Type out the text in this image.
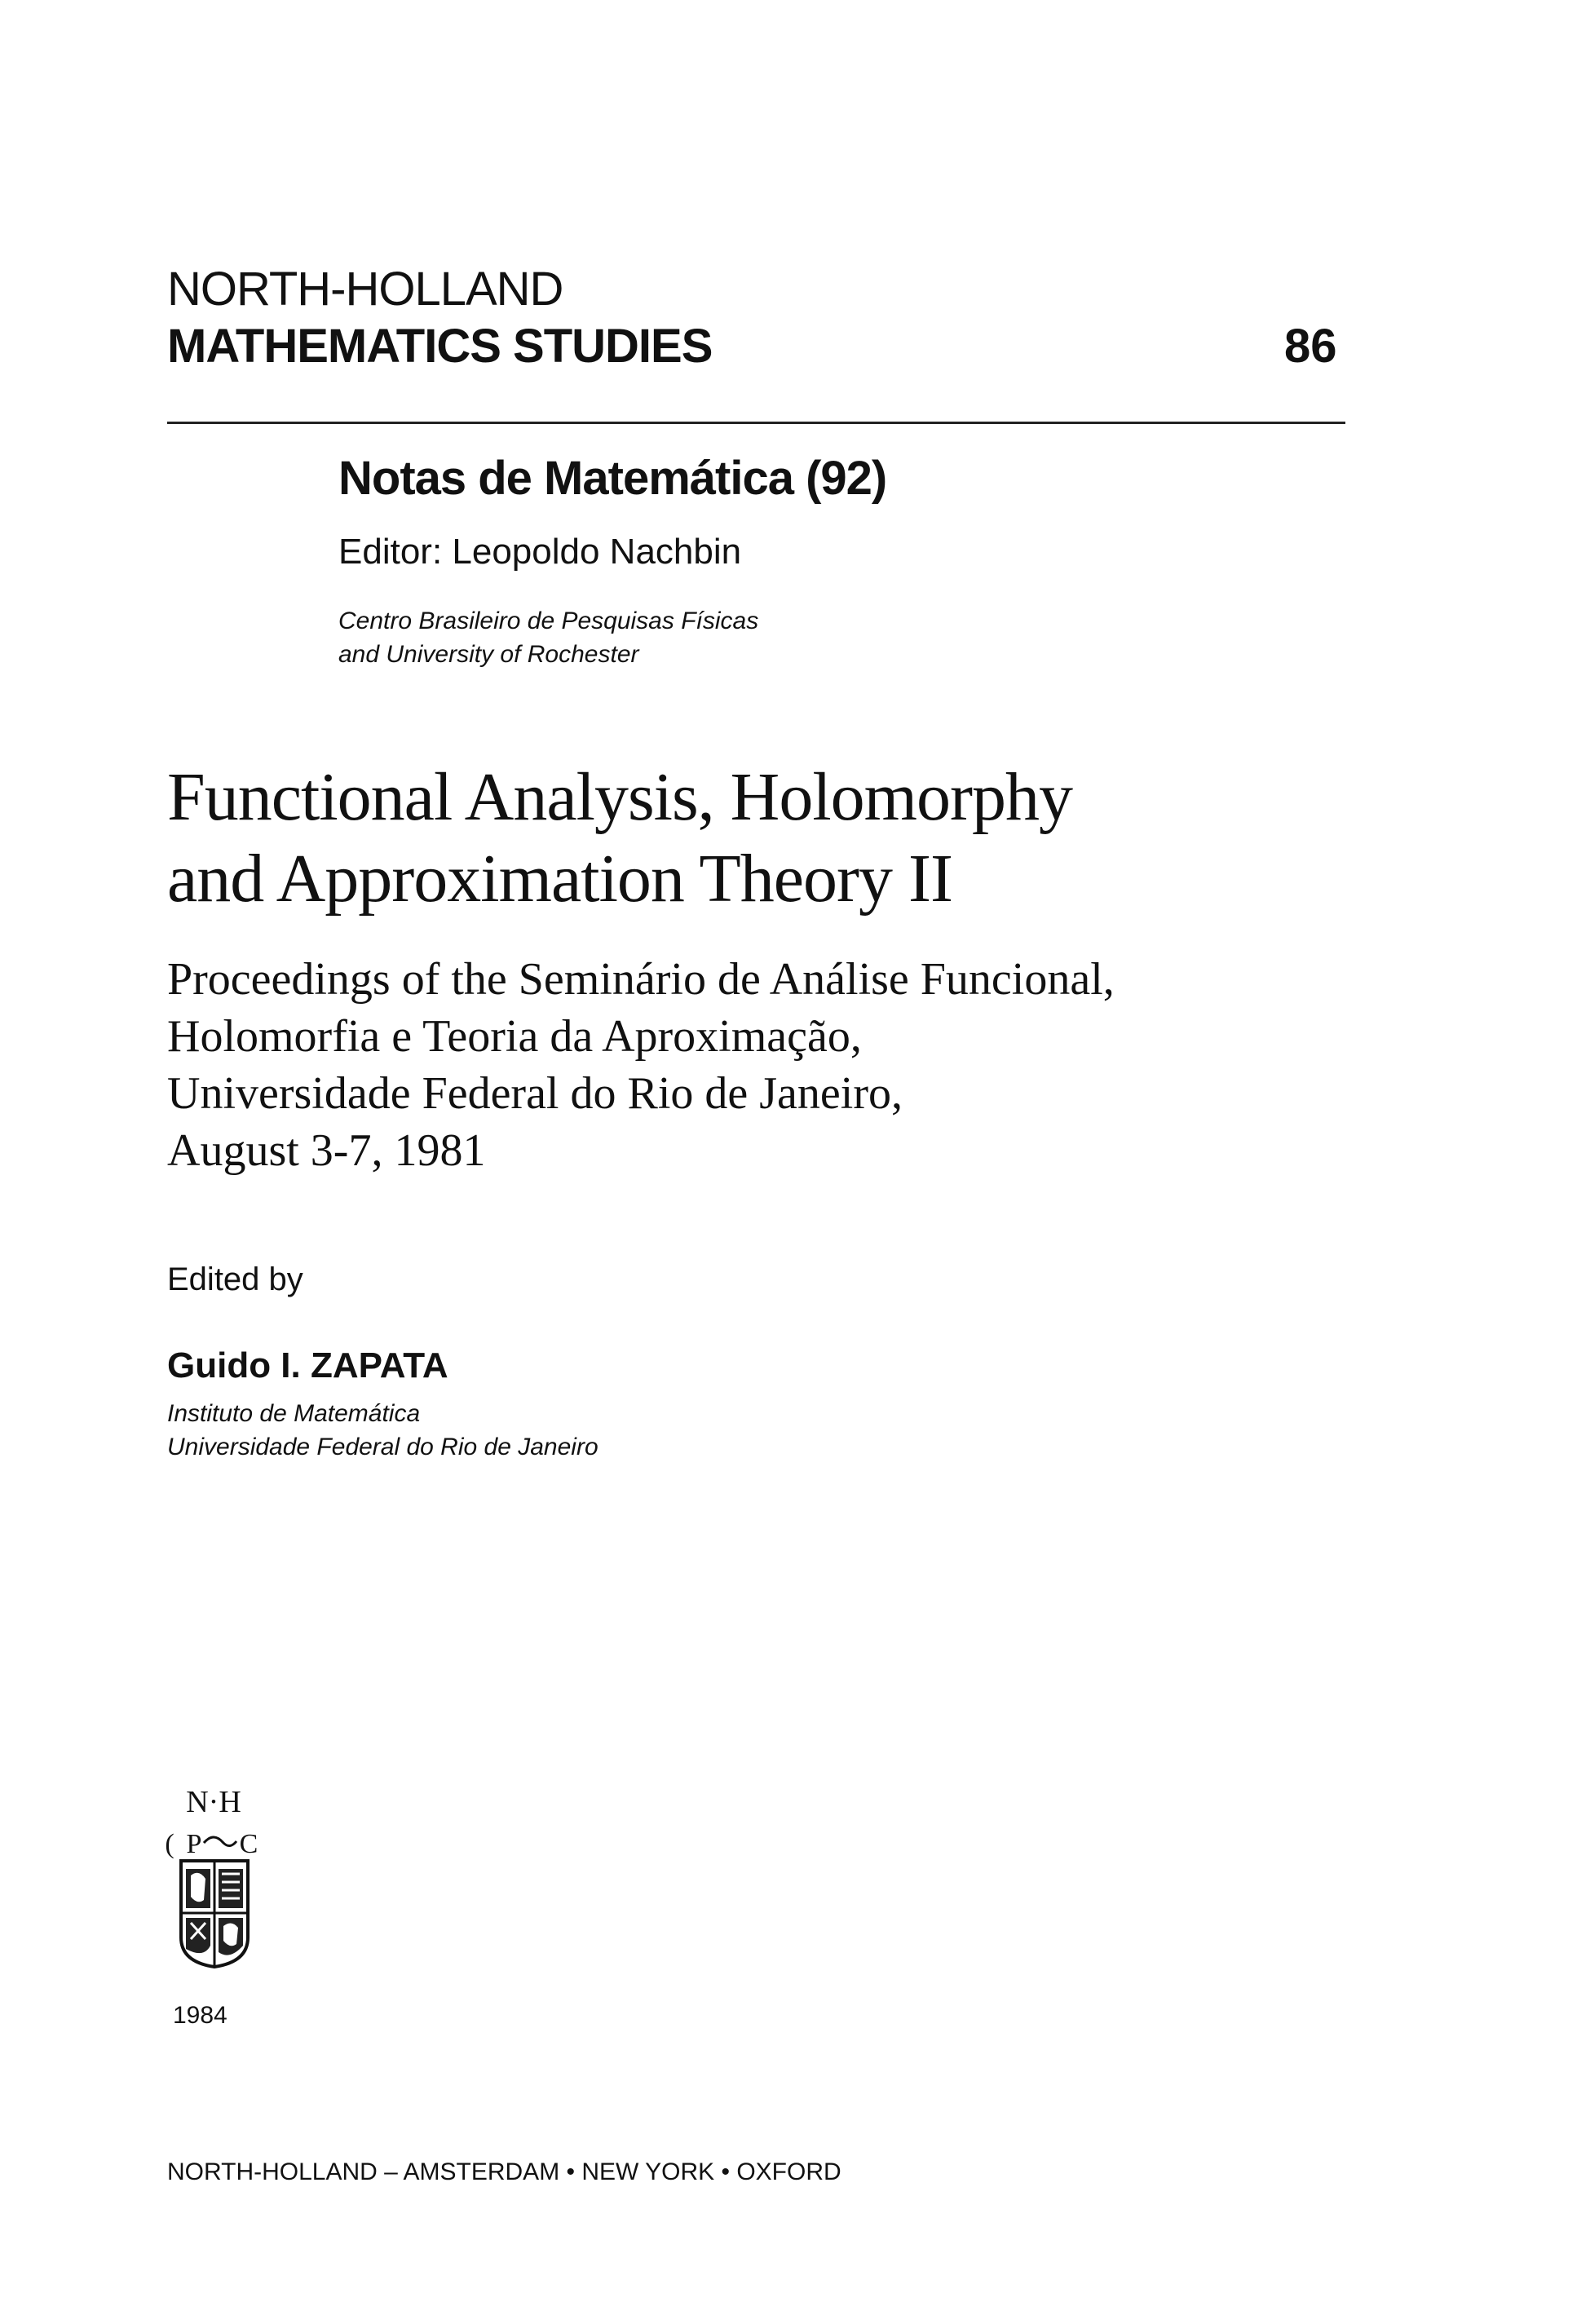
NORTH-HOLLAND
MATHEMATICS STUDIES	86
Notas de Matemática (92)
Editor: Leopoldo Nachbin
Centro Brasileiro de Pesquisas Físicas
and University of Rochester
Functional Analysis, Holomorphy
and Approximation Theory II
Proceedings of the Seminário de Análise Funcional,
Holomorfia e Teoria da Aproximação,
Universidade Federal do Rio de Janeiro,
August 3-7, 1981
Edited by
Guido I. ZAPATA
Instituto de Matemática
Universidade Federal do Rio de Janeiro
N·H
( P C
1984
NORTH-HOLLAND – AMSTERDAM • NEW YORK • OXFORD
